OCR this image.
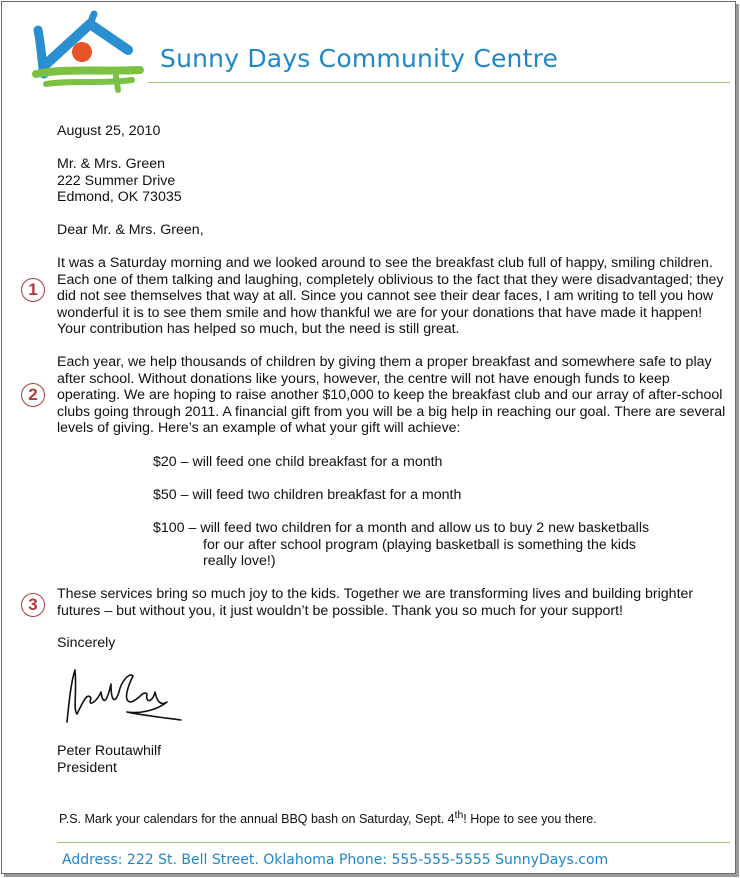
Sunny Days Community Centre
August 25, 2010
Mr. & Mrs. Green
222 Summer Drive
Edmond, OK 73035
Dear Mr. & Mrs. Green,
1
It was a Saturday morning and we looked around to see the breakfast club full of happy, smiling children. Each one of them talking and laughing, completely oblivious to the fact that they were disadvantaged; they did not see themselves that way at all. Since you cannot see their dear faces, I am writing to tell you how wonderful it is to see them smile and how thankful we are for your donations that have made it happen! Your contribution has helped so much, but the need is still great.
2
Each year, we help thousands of children by giving them a proper breakfast and somewhere safe to play after school. Without donations like yours, however, the centre will not have enough funds to keep operating. We are hoping to raise another $10,000 to keep the breakfast club and our array of after-school clubs going through 2011. A financial gift from you will be a big help in reaching our goal. There are several levels of giving. Here’s an example of what your gift will achieve:
$20 – will feed one child breakfast for a month
$50 – will feed two children breakfast for a month
$100 – will feed two children for a month and allow us to buy 2 new basketballs
for our after school program (playing basketball is something the kids really love!)
3
These services bring so much joy to the kids. Together we are transforming lives and building brighter futures – but without you, it just wouldn’t be possible. Thank you so much for your support!
Sincerely
Peter Routawhilf
President
P.S. Mark your calendars for the annual BBQ bash on Saturday, Sept. 4th! Hope to see you there.
Address: 222 St. Bell Street. Oklahoma Phone: 555-555-5555 SunnyDays.com
